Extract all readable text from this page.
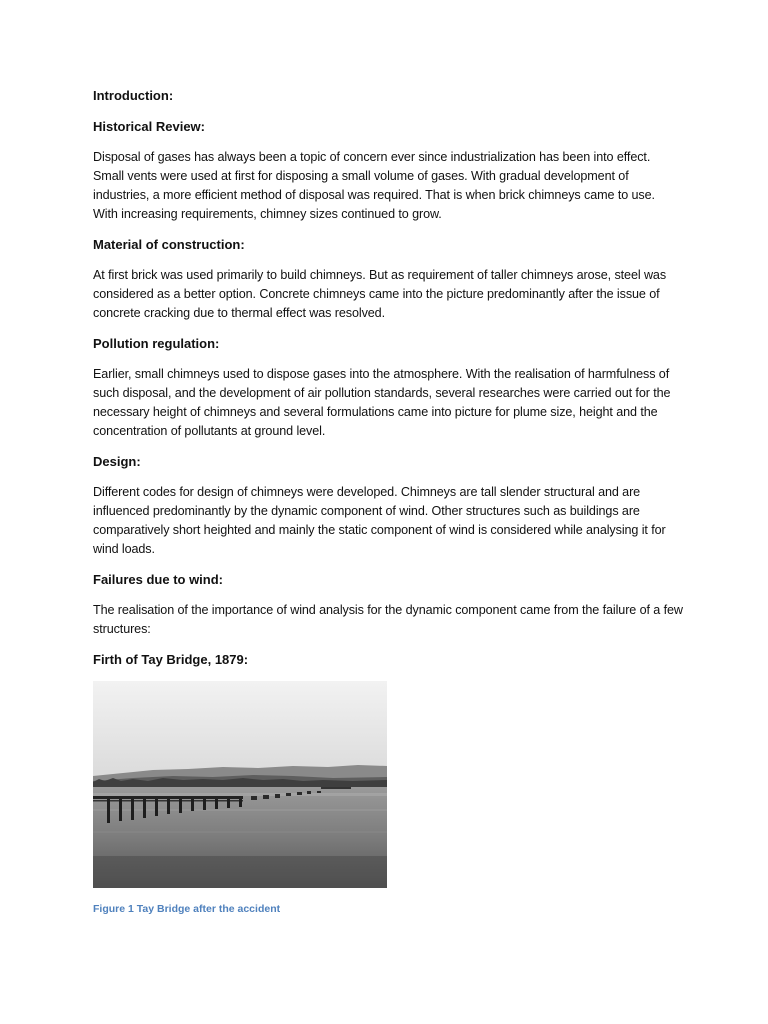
Introduction:
Historical Review:
Disposal of gases has always been a topic of concern ever since industrialization has been into effect. Small vents were used at first for disposing a small volume of gases. With gradual development of industries, a more efficient method of disposal was required. That is when brick chimneys came to use. With increasing requirements, chimney sizes continued to grow.
Material of construction:
At first brick was used primarily to build chimneys. But as requirement of taller chimneys arose, steel was considered as a better option. Concrete chimneys came into the picture predominantly after the issue of concrete cracking due to thermal effect was resolved.
Pollution regulation:
Earlier, small chimneys used to dispose gases into the atmosphere. With the realisation of harmfulness of such disposal, and the development of air pollution standards, several researches were carried out for the necessary height of chimneys and several formulations came into picture for plume size, height and the concentration of pollutants at ground level.
Design:
Different codes for design of chimneys were developed. Chimneys are tall slender structural and are influenced predominantly by the dynamic component of wind. Other structures such as buildings are comparatively short heighted and mainly the static component of wind is considered while analysing it for wind loads.
Failures due to wind:
The realisation of the importance of wind analysis for the dynamic component came from the failure of a few structures:
Firth of Tay Bridge, 1879:
Figure 1 Tay Bridge after the accident
